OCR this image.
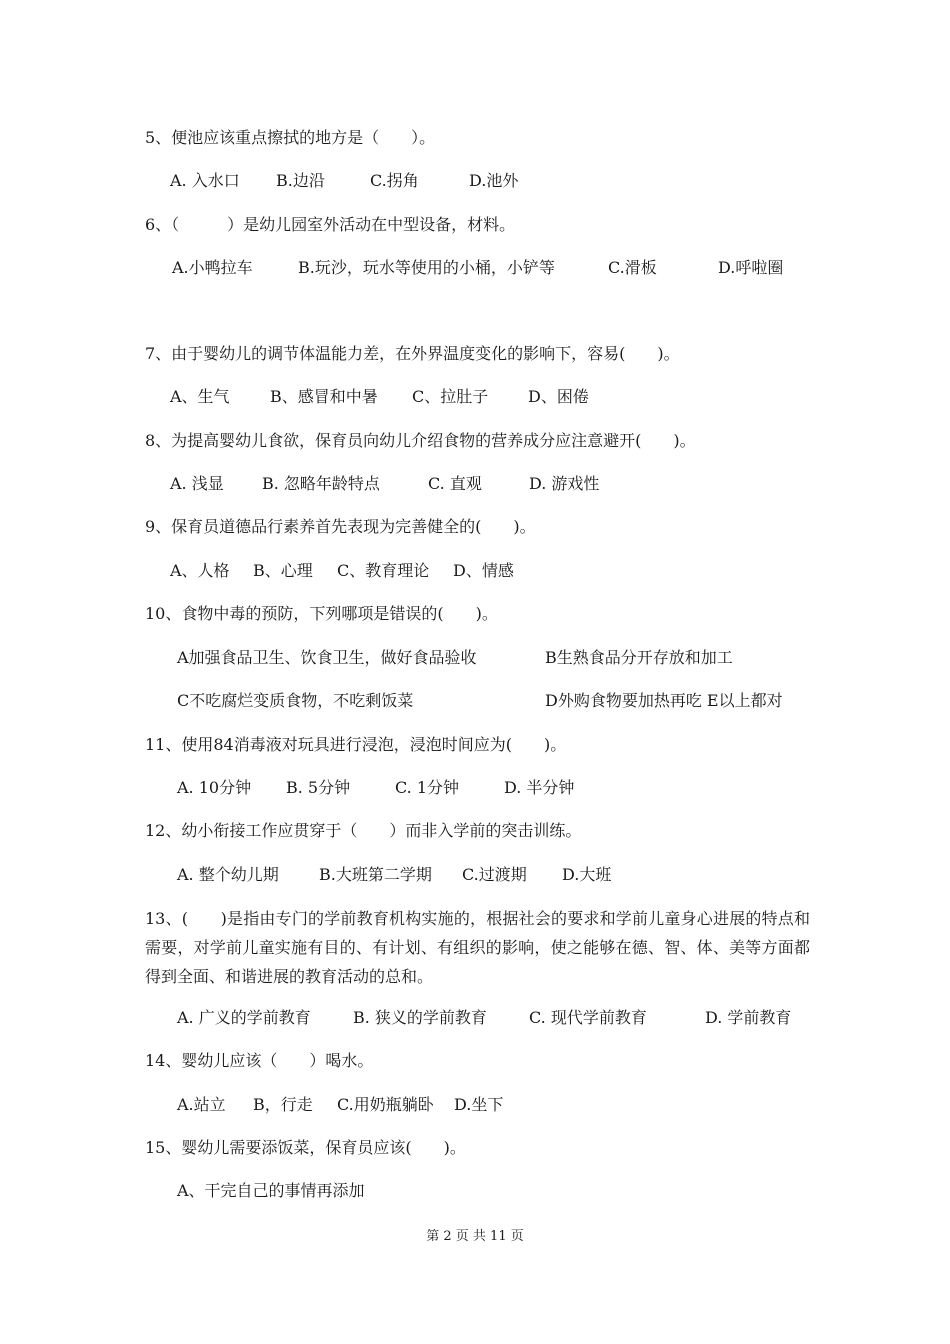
5、便池应该重点擦拭的地方是（　　）。
A. 入水口 B.边沿	C.拐角	D.池外
6、（　　　）是幼儿园室外活动在中型设备，材料。
A.小鸭拉车	B.玩沙，玩水等使用的小桶，小铲等	C.滑板	D.呼啦圈
7、由于婴幼儿的调节体温能力差，在外界温度变化的影响下，容易(　　)。
A、生气	B、感冒和中暑 C、拉肚子 D、困倦
8、为提高婴幼儿食欲，保育员向幼儿介绍食物的营养成分应注意避开(　　)。
A. 浅显 B. 忽略年龄特点	C. 直观	D. 游戏性
9、保育员道德品行素养首先表现为完善健全的(　　)。
A、人格 B、心理 C、教育理论 D、情感
10、食物中毒的预防，下列哪项是错误的(　　)。
A加强食品卫生、饮食卫生，做好食品验收	B生熟食品分开存放和加工
C不吃腐烂变质食物，不吃剩饭菜	D外购食物要加热再吃 E以上都对
11、使用84消毒液对玩具进行浸泡，浸泡时间应为(　　)。
A. 10分钟 B. 5分钟	C. 1分钟	D. 半分钟
12、幼小衔接工作应贯穿于（　　）而非入学前的突击训练。
A. 整个幼儿期	B.大班第二学期 C.过渡期 D.大班
13、(　　)是指由专门的学前教育机构实施的，根据社会的要求和学前儿童身心进展的特点和需要，对学前儿童实施有目的、有计划、有组织的影响，使之能够在德、智、体、美等方面都得到全面、和谐进展的教育活动的总和。
A. 广义的学前教育	B. 狭义的学前教育	C. 现代学前教育	D. 学前教育
14、婴幼儿应该（　　）喝水。
A.站立 B，行走 C.用奶瓶躺卧 D.坐下
15、婴幼儿需要添饭菜，保育员应该(　　)。
A、干完自己的事情再添加
第 2 页 共 11 页
